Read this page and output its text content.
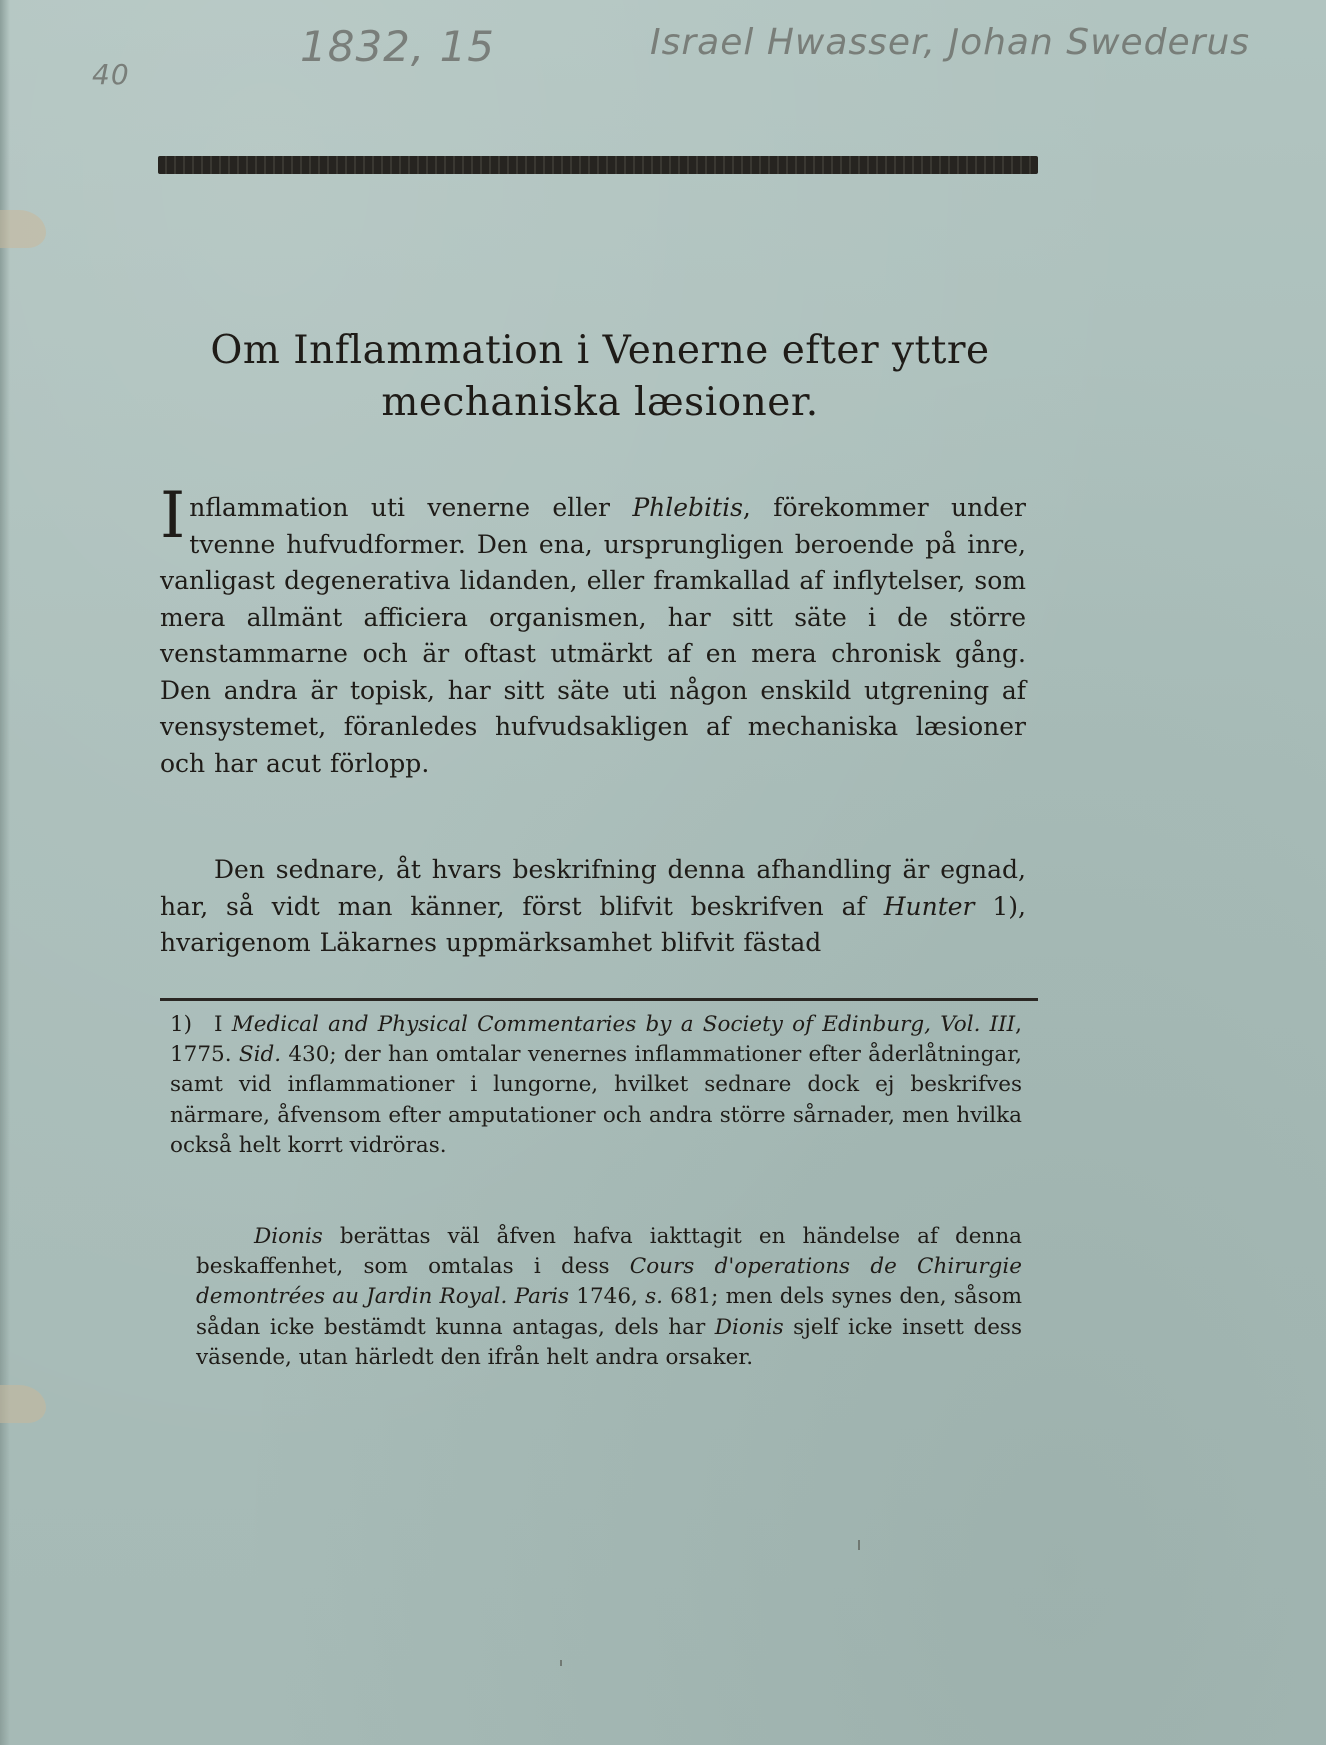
40
1832, 15	Israel Hwasser, Johan Swederus
Om Inflammation i Venerne efter yttre
mechaniska læsioner.
Inflammation uti venerne eller Phlebitis, förekommer under tvenne hufvudformer. Den ena, ursprungligen beroende på inre, vanligast degenerativa lidanden, eller framkallad af inflytelser, som mera allmänt afficiera organismen, har sitt säte i de större venstammarne och är oftast utmärkt af en mera chronisk gång. Den andra är topisk, har sitt säte uti någon enskild utgrening af vensystemet, föranledes hufvudsakligen af mechaniska læsioner och har acut förlopp.
Den sednare, åt hvars beskrifning denna afhandling är egnad, har, så vidt man känner, först blifvit beskrifven af Hunter 1), hvarigenom Läkarnes uppmärksamhet blifvit fästad
1) I Medical and Physical Commentaries by a Society of Edinburg, Vol. III, 1775. Sid. 430; der han omtalar venernes inflammationer efter åderlåtningar, samt vid inflammationer i lungorne, hvilket sednare dock ej beskrifves närmare, åfvensom efter amputationer och andra större sårnader, men hvilka också helt korrt vidröras.
Dionis berättas väl åfven hafva iakttagit en händelse af denna beskaffenhet, som omtalas i dess Cours d'operations de Chirurgie demontrées au Jardin Royal. Paris 1746, s. 681; men dels synes den, såsom sådan icke bestämdt kunna antagas, dels har Dionis sjelf icke insett dess väsende, utan härledt den ifrån helt andra orsaker.
